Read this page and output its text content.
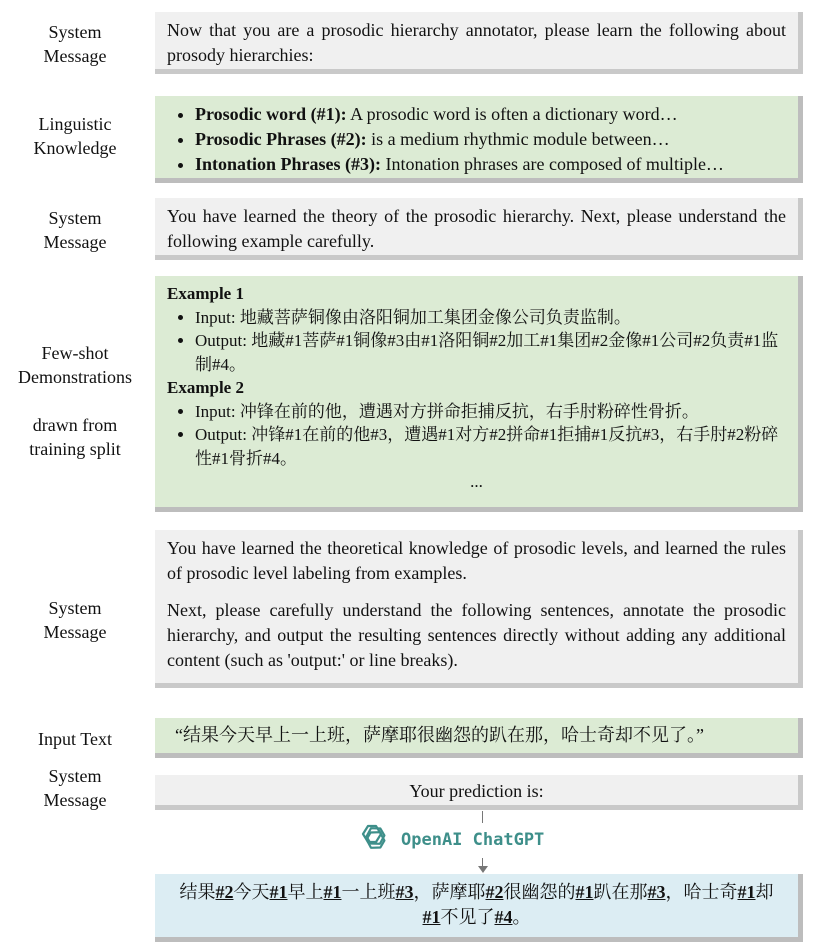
System
Message
Linguistic
Knowledge
System
Message
Few-shot
Demonstrations
drawn from
training split
System
Message
Input Text
System
Message
Now that you are a prosodic hierarchy annotator, please learn the following about prosody hierarchies:
• Prosodic word (#1): A prosodic word is often a dictionary word…
• Prosodic Phrases (#2): is a medium rhythmic module between…
• Intonation Phrases (#3): Intonation phrases are composed of multiple…
You have learned the theory of the prosodic hierarchy. Next, please understand the following example carefully.
Example 1
• Input: 地藏菩萨铜像由洛阳铜加工集团金像公司负责监制。
• Output: 地藏#1菩萨#1铜像#3由#1洛阳铜#2加工#1集团#2金像#1公司#2负责#1监制#4。
Example 2
• Input: 冲锋在前的他，遭遇对方拼命拒捕反抗，右手肘粉碎性骨折。
• Output: 冲锋#1在前的他#3，遭遇#1对方#2拼命#1拒捕#1反抗#3，右手肘#2粉碎性#1骨折#4。
...
You have learned the theoretical knowledge of prosodic levels, and learned the rules of prosodic level labeling from examples.
Next, please carefully understand the following sentences, annotate the prosodic hierarchy, and output the resulting sentences directly without adding any additional content (such as 'output:' or line breaks).
“结果今天早上一上班，萨摩耶很幽怨的趴在那，哈士奇却不见了。”
Your prediction is:
OpenAI ChatGPT
结果#2今天#1早上#1一上班#3，萨摩耶#2很幽怨的#1趴在那#3，哈士奇#1却#1不见了#4。
